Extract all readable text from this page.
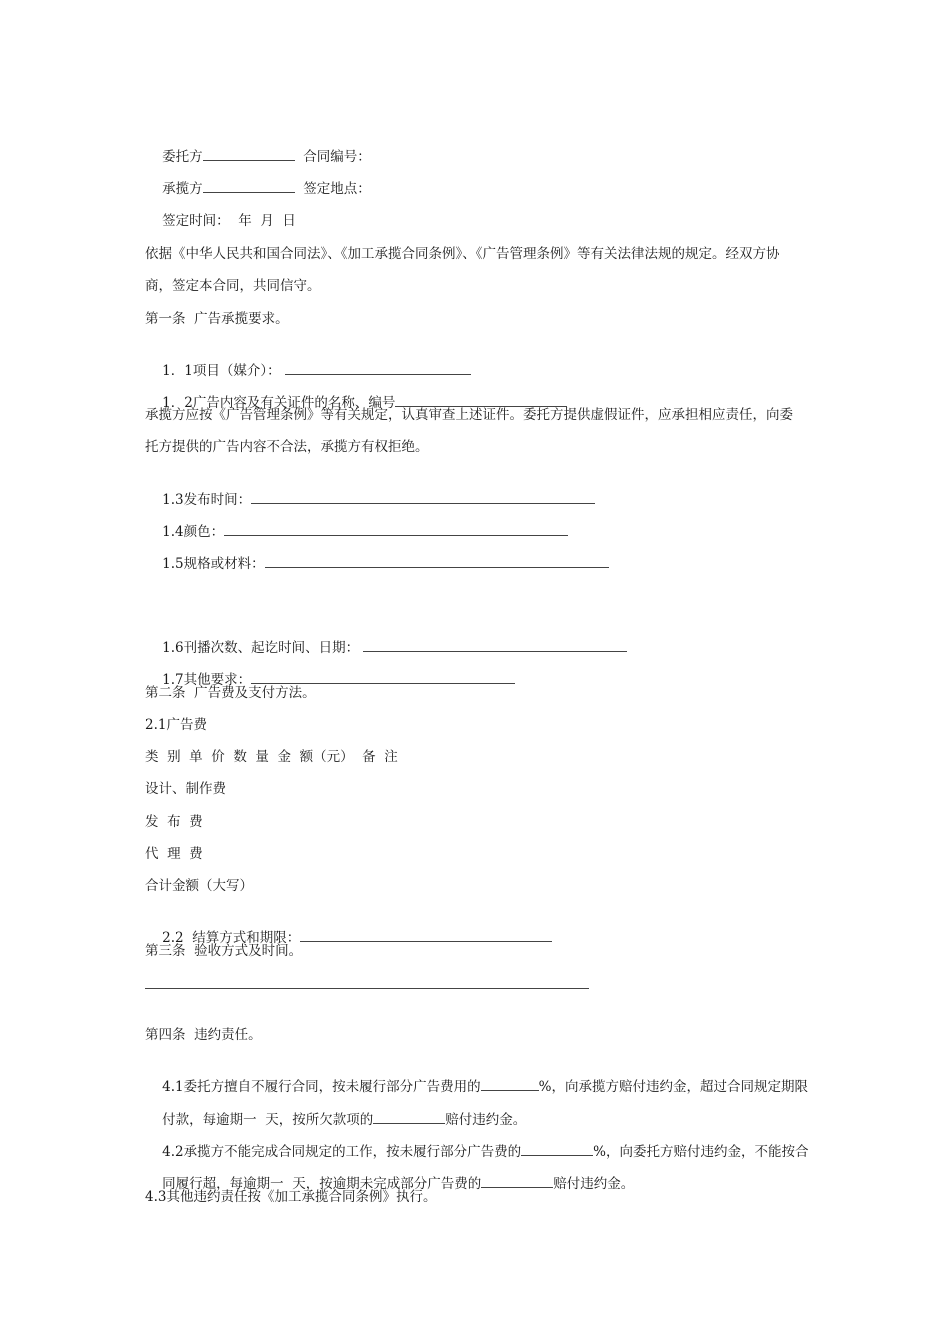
委托方	合同编号：

承揽方	签定地点：

签定时间： 年  月  日

依据《中华人民共和国合同法》、《加工承揽合同条例》、《广告管理条例》等有关法律法规的规定。经双方协
商，签定本合同，共同信守。
第一条  广告承揽要求。

1．1项目（媒介）：

1．2广告内容及有关证件的名称、编号

承揽方应按《广告管理条例》等有关规定，认真审查上述证件。委托方提供虚假证件，应承担相应责任，向委
托方提供的广告内容不合法，承揽方有权拒绝。

1.3发布时间：

1.4颜色：

1.5规格或材料：

1.6刊播次数、起讫时间、日期：

1.7其他要求：

第二条  广告费及支付方法。
2.1广告费
类  别  单  价  数  量  金  额（元）  备  注
设计、制作费
发  布  费
代  理  费
合计金额（大写）

2.2  结算方式和期限：

第三条  验收方式及时间。
第四条  违约责任。

4.1委托方擅自不履行合同，按未履行部分广告费用的	%，向承揽方赔付违约金，超过合同规定期限

付款，每逾期一  天，按所欠款项的	赔付违约金。

4.2承揽方不能完成合同规定的工作，按未履行部分广告费的	%，向委托方赔付违约金，不能按合

同履行超，每逾期一  天，按逾期未完成部分广告费的	赔付违约金。

4.3其他违约责任按《加工承揽合同条例》执行。
